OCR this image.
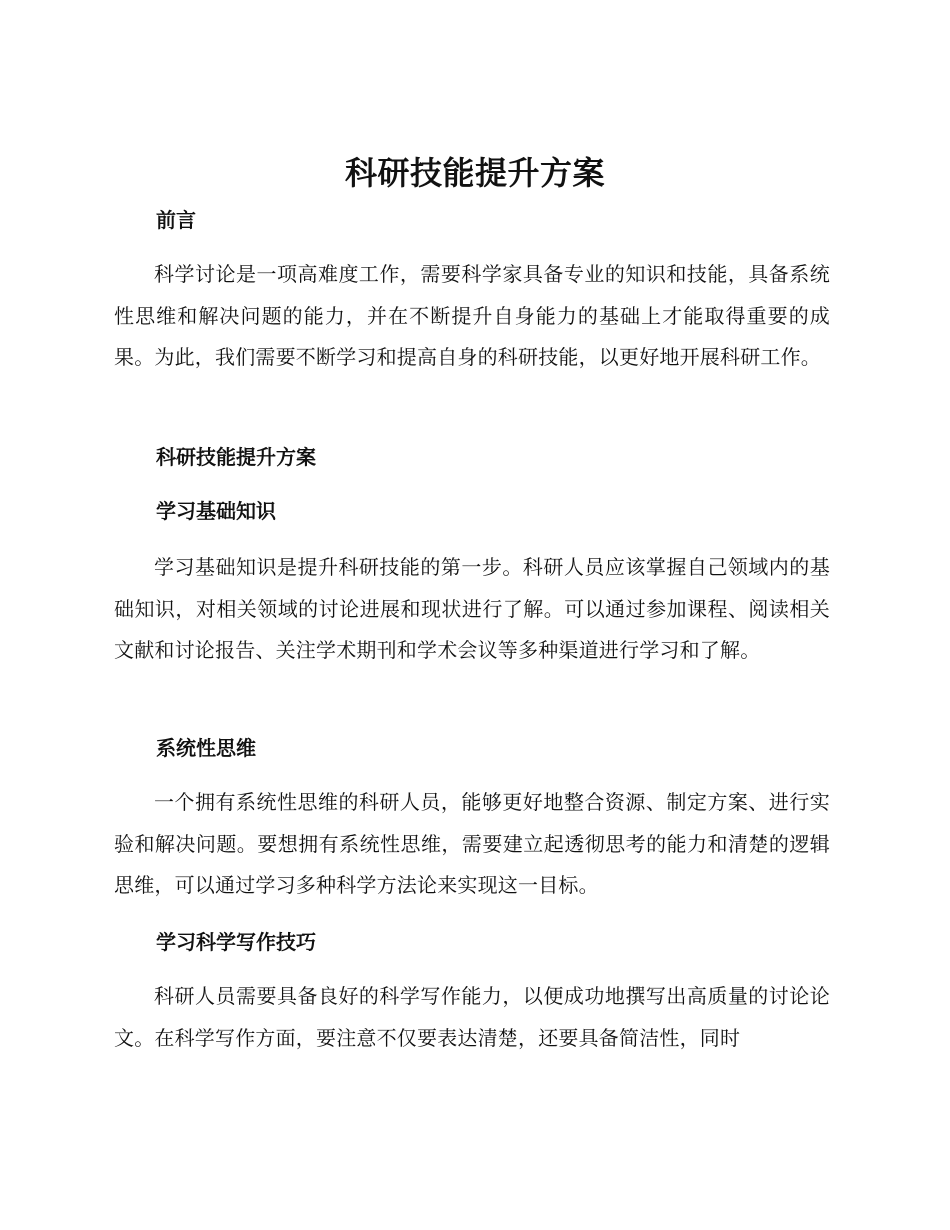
科研技能提升方案
前言

科学讨论是一项高难度工作，需要科学家具备专业的知识和技能，具备系统性思维和解决问题的能力，并在不断提升自身能力的基础上才能取得重要的成果。为此，我们需要不断学习和提高自身的科研技能，以更好地开展科研工作。

科研技能提升方案
学习基础知识

学习基础知识是提升科研技能的第一步。科研人员应该掌握自己领域内的基础知识，对相关领域的讨论进展和现状进行了解。可以通过参加课程、阅读相关文献和讨论报告、关注学术期刊和学术会议等多种渠道进行学习和了解。

系统性思维

一个拥有系统性思维的科研人员，能够更好地整合资源、制定方案、进行实验和解决问题。要想拥有系统性思维，需要建立起透彻思考的能力和清楚的逻辑思维，可以通过学习多种科学方法论来实现这一目标。

学习科学写作技巧

科研人员需要具备良好的科学写作能力，以便成功地撰写出高质量的讨论论文。在科学写作方面，要注意不仅要表达清楚，还要具备简洁性，同时
